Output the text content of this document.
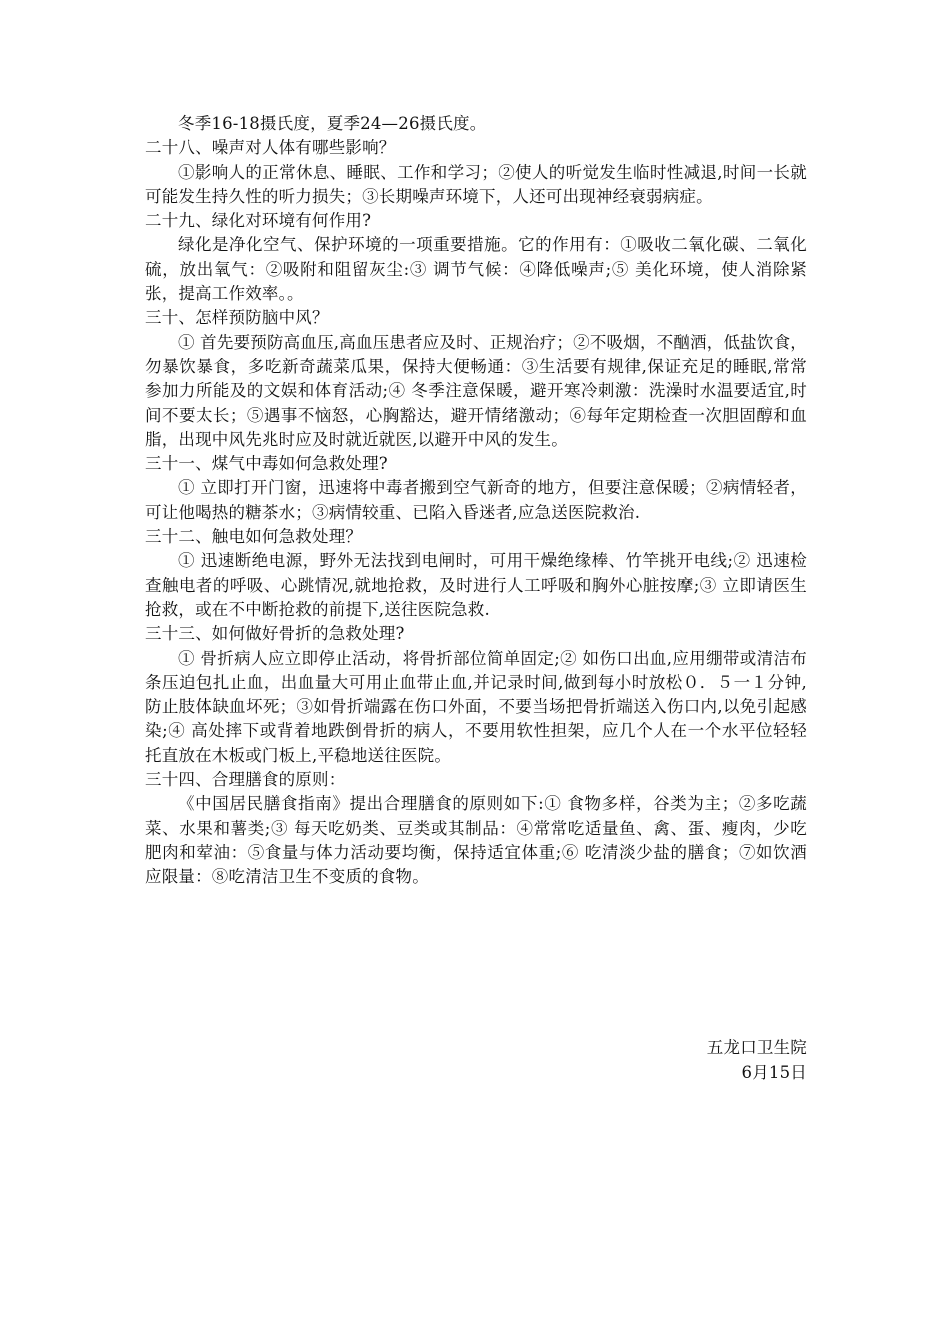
冬季16-18摄氏度，夏季24—26摄氏度。

二十八、噪声对人体有哪些影响？

①影响人的正常休息、睡眠、工作和学习；②使人的听觉发生临时性减退,时间一长就可能发生持久性的听力损失；③长期噪声环境下，人还可出现神经衰弱病症。

二十九、绿化对环境有何作用?

绿化是净化空气、保护环境的一项重要措施。它的作用有：①吸收二氧化碳、二氧化硫，放出氧气：②吸附和阻留灰尘:③ 调节气候：④降低噪声;⑤ 美化环境，使人消除紧张，提高工作效率。。

三十、怎样预防脑中风？

① 首先要预防高血压,高血压患者应及时、正规治疗；②不吸烟，不酗酒，低盐饮食，勿暴饮暴食，多吃新奇蔬菜瓜果，保持大便畅通：③生活要有规律,保证充足的睡眠,常常参加力所能及的文娱和体育活动;④ 冬季注意保暖，避开寒冷刺激：洗澡时水温要适宜,时间不要太长；⑤遇事不恼怒，心胸豁达，避开情绪激动；⑥每年定期检查一次胆固醇和血脂，出现中风先兆时应及时就近就医,以避开中风的发生。

三十一、煤气中毒如何急救处理?

① 立即打开门窗，迅速将中毒者搬到空气新奇的地方，但要注意保暖；②病情轻者，可让他喝热的糖茶水；③病情较重、已陷入昏迷者,应急送医院救治.

三十二、触电如何急救处理？

① 迅速断绝电源，野外无法找到电闸时，可用干燥绝缘棒、竹竿挑开电线;② 迅速检查触电者的呼吸、心跳情况,就地抢救，及时进行人工呼吸和胸外心脏按摩;③ 立即请医生抢救，或在不中断抢救的前提下,送往医院急救.

三十三、如何做好骨折的急救处理?

① 骨折病人应立即停止活动，将骨折部位简单固定;② 如伤口出血,应用绷带或清洁布条压迫包扎止血，出血量大可用止血带止血,并记录时间,做到每小时放松０．５一１分钟,防止肢体缺血坏死；③如骨折端露在伤口外面，不要当场把骨折端送入伤口内,以免引起感染;④ 高处摔下或背着地跌倒骨折的病人，不要用软性担架，应几个人在一个水平位轻轻托直放在木板或门板上,平稳地送往医院。

三十四、合理膳食的原则：

《中国居民膳食指南》提出合理膳食的原则如下:① 食物多样，谷类为主；②多吃蔬菜、水果和薯类;③ 每天吃奶类、豆类或其制品：④常常吃适量鱼、禽、蛋、瘦肉，少吃肥肉和荤油：⑤食量与体力活动要均衡，保持适宜体重;⑥ 吃清淡少盐的膳食；⑦如饮酒应限量：⑧吃清洁卫生不变质的食物。

五龙口卫生院
6月15日
